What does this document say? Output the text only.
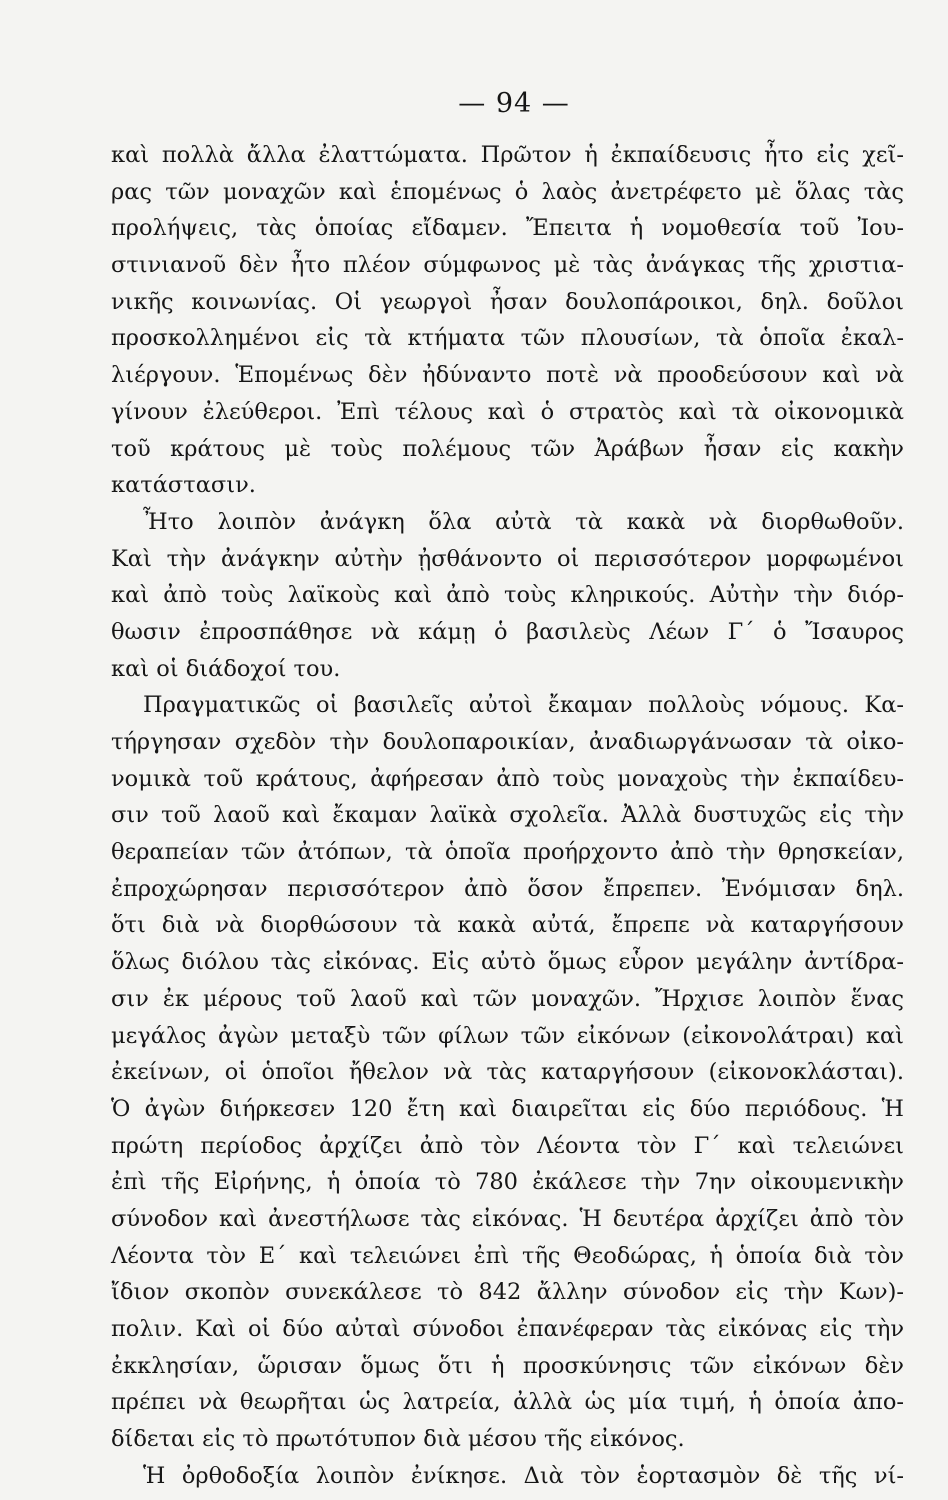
— 94 —
καὶ πολλὰ ἄλλα ἐλαττώματα. Πρῶτον ἡ ἐκπαίδευσις ἦτο εἰς χεῖ-
ρας τῶν μοναχῶν καὶ ἑπομένως ὁ λαὸς ἀνετρέφετο μὲ ὅλας τὰς
προλήψεις, τὰς ὁποίας εἴδαμεν. Ἔπειτα ἡ νομοθεσία τοῦ Ἰου-
στινιανοῦ δὲν ἦτο πλέον σύμφωνος μὲ τὰς ἀνάγκας τῆς χριστια-
νικῆς κοινωνίας. Οἱ γεωργοὶ ἦσαν δουλοπάροικοι, δηλ. δοῦλοι
προσκολλημένοι εἰς τὰ κτήματα τῶν πλουσίων, τὰ ὁποῖα ἐκαλ-
λιέργουν. Ἑπομένως δὲν ἠδύναντο ποτὲ νὰ προοδεύσουν καὶ νὰ
γίνουν ἐλεύθεροι. Ἐπὶ τέλους καὶ ὁ στρατὸς καὶ τὰ οἰκονομικὰ
τοῦ κράτους μὲ τοὺς πολέμους τῶν Ἀράβων ἦσαν εἰς κακὴν
κατάστασιν.
Ἦτο λοιπὸν ἀνάγκη ὅλα αὐτὰ τὰ κακὰ νὰ διορθωθοῦν.
Καὶ τὴν ἀνάγκην αὐτὴν ᾐσθάνοντο οἱ περισσότερον μορφωμένοι
καὶ ἀπὸ τοὺς λαϊκοὺς καὶ ἀπὸ τοὺς κληρικούς. Αὐτὴν τὴν διόρ-
θωσιν ἐπροσπάθησε νὰ κάμῃ ὁ βασιλεὺς Λέων Γ΄ ὁ Ἴσαυρος
καὶ οἱ διάδοχοί του.
Πραγματικῶς οἱ βασιλεῖς αὐτοὶ ἔκαμαν πολλοὺς νόμους. Κα-
τήργησαν σχεδὸν τὴν δουλοπαροικίαν, ἀναδιωργάνωσαν τὰ οἰκο-
νομικὰ τοῦ κράτους, ἀφήρεσαν ἀπὸ τοὺς μοναχοὺς τὴν ἐκπαίδευ-
σιν τοῦ λαοῦ καὶ ἔκαμαν λαϊκὰ σχολεῖα. Ἀλλὰ δυστυχῶς εἰς τὴν
θεραπείαν τῶν ἀτόπων, τὰ ὁποῖα προήρχοντο ἀπὸ τὴν θρησκείαν,
ἐπροχώρησαν περισσότερον ἀπὸ ὅσον ἔπρεπεν. Ἐνόμισαν δηλ.
ὅτι διὰ νὰ διορθώσουν τὰ κακὰ αὐτά, ἔπρεπε νὰ καταργήσουν
ὅλως διόλου τὰς εἰκόνας. Εἰς αὐτὸ ὅμως εὗρον μεγάλην ἀντίδρα-
σιν ἐκ μέρους τοῦ λαοῦ καὶ τῶν μοναχῶν. Ἤρχισε λοιπὸν ἕνας
μεγάλος ἀγὼν μεταξὺ τῶν φίλων τῶν εἰκόνων (εἰκονολάτραι) καὶ
ἐκείνων, οἱ ὁποῖοι ἤθελον νὰ τὰς καταργήσουν (εἰκονοκλάσται).
Ὁ ἀγὼν διήρκεσεν 120 ἔτη καὶ διαιρεῖται εἰς δύο περιόδους. Ἡ
πρώτη περίοδος ἀρχίζει ἀπὸ τὸν Λέοντα τὸν Γ΄ καὶ τελειώνει
ἐπὶ τῆς Εἰρήνης, ἡ ὁποία τὸ 780 ἐκάλεσε τὴν 7ην οἰκουμενικὴν
σύνοδον καὶ ἀνεστήλωσε τὰς εἰκόνας. Ἡ δευτέρα ἀρχίζει ἀπὸ τὸν
Λέοντα τὸν Ε΄ καὶ τελειώνει ἐπὶ τῆς Θεοδώρας, ἡ ὁποία διὰ τὸν
ἴδιον σκοπὸν συνεκάλεσε τὸ 842 ἄλλην σύνοδον εἰς τὴν Κων)-
πολιν. Καὶ οἱ δύο αὐταὶ σύνοδοι ἐπανέφεραν τὰς εἰκόνας εἰς τὴν
ἐκκλησίαν, ὥρισαν ὅμως ὅτι ἡ προσκύνησις τῶν εἰκόνων δὲν
πρέπει νὰ θεωρῆται ὡς λατρεία, ἀλλὰ ὡς μία τιμή, ἡ ὁποία ἀπο-
δίδεται εἰς τὸ πρωτότυπον διὰ μέσου τῆς εἰκόνος.
Ἡ ὀρθοδοξία λοιπὸν ἐνίκησε. Διὰ τὸν ἑορτασμὸν δὲ τῆς νί-
